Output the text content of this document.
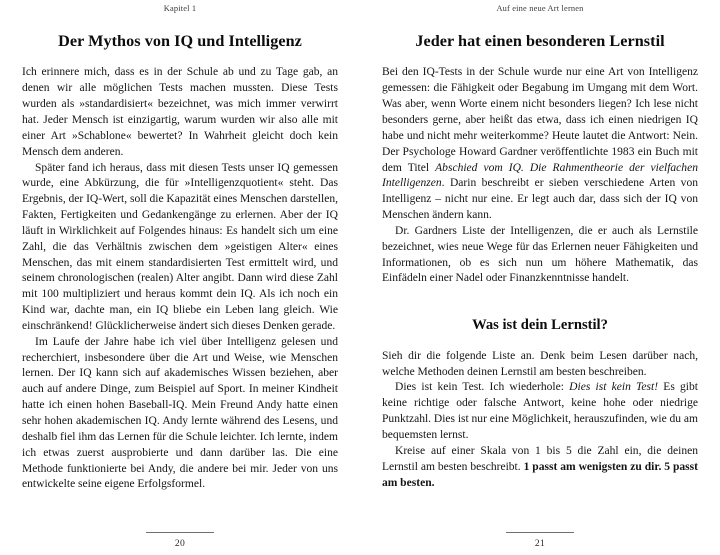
Kapitel 1
Der Mythos von IQ und Intelligenz

Ich erinnere mich, dass es in der Schule ab und zu Tage gab, an denen wir alle möglichen Tests machen mussten. Diese Tests wurden als »standardisiert« bezeichnet, was mich immer verwirrt hat. Jeder Mensch ist einzigartig, warum wurden wir also alle mit einer Art »Schablone« bewertet? In Wahrheit gleicht doch kein Mensch dem anderen.

Später fand ich heraus, dass mit diesen Tests unser IQ gemessen wurde, eine Abkürzung, die für »Intelligenzquotient« steht. Das Ergebnis, der IQ-Wert, soll die Kapazität eines Menschen darstellen, Fakten, Fertigkeiten und Gedankengänge zu erlernen. Aber der IQ läuft in Wirklichkeit auf Folgendes hinaus: Es handelt sich um eine Zahl, die das Verhältnis zwischen dem »geistigen Alter« eines Menschen, das mit einem standardisierten Test ermittelt wird, und seinem chronologischen (realen) Alter angibt. Dann wird diese Zahl mit 100 multipliziert und heraus kommt dein IQ. Als ich noch ein Kind war, dachte man, ein IQ bliebe ein Leben lang gleich. Wie einschränkend! Glücklicherweise ändert sich dieses Denken gerade.

Im Laufe der Jahre habe ich viel über Intelligenz gelesen und recherchiert, insbesondere über die Art und Weise, wie Menschen lernen. Der IQ kann sich auf akademisches Wissen beziehen, aber auch auf andere Dinge, zum Beispiel auf Sport. In meiner Kindheit hatte ich einen hohen Baseball-IQ. Mein Freund Andy hatte einen sehr hohen akademischen IQ. Andy lernte während des Lesens, und deshalb fiel ihm das Lernen für die Schule leichter. Ich lernte, indem ich etwas zuerst ausprobierte und dann darüber las. Die eine Methode funktionierte bei Andy, die andere bei mir. Jeder von uns entwickelte seine eigene Erfolgsformel.

20
Auf eine neue Art lernen
Jeder hat einen besonderen Lernstil

Bei den IQ-Tests in der Schule wurde nur eine Art von Intelligenz gemessen: die Fähigkeit oder Begabung im Umgang mit dem Wort. Was aber, wenn Worte einem nicht besonders liegen? Ich lese nicht besonders gerne, aber heißt das etwa, dass ich einen niedrigen IQ habe und nicht mehr weiterkomme? Heute lautet die Antwort: Nein. Der Psychologe Howard Gardner veröffentlichte 1983 ein Buch mit dem Titel Abschied vom IQ. Die Rahmentheorie der vielfachen Intelligenzen. Darin beschreibt er sieben verschiedene Arten von Intelligenz – nicht nur eine. Er legt auch dar, dass sich der IQ von Menschen ändern kann.

Dr. Gardners Liste der Intelligenzen, die er auch als Lernstile bezeichnet, wies neue Wege für das Erlernen neuer Fähigkeiten und Informationen, ob es sich nun um höhere Mathematik, das Einfädeln einer Nadel oder Finanzkenntnisse handelt.

Was ist dein Lernstil?

Sieh dir die folgende Liste an. Denk beim Lesen darüber nach, welche Methoden deinen Lernstil am besten beschreiben.

Dies ist kein Test. Ich wiederhole: Dies ist kein Test! Es gibt keine richtige oder falsche Antwort, keine hohe oder niedrige Punktzahl. Dies ist nur eine Möglichkeit, herauszufinden, wie du am bequemsten lernst.

Kreise auf einer Skala von 1 bis 5 die Zahl ein, die deinen Lernstil am besten beschreibt. 1 passt am wenigsten zu dir. 5 passt am besten.

21
